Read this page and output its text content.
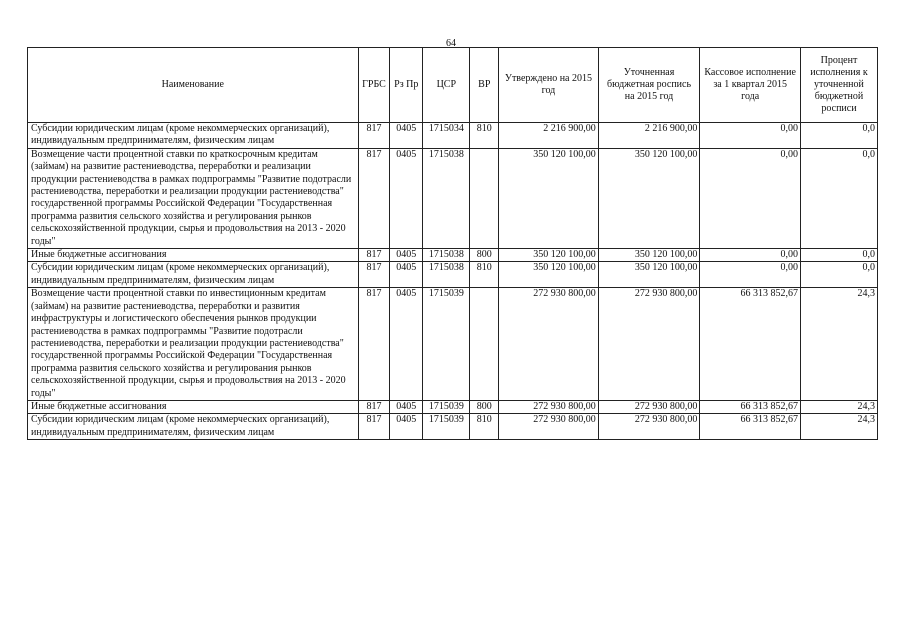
64
Наименование	ГРБС	Рз Пр	ЦСР	ВР	Утверждено на 2015 год	Уточненная бюджетная роспись на 2015 год	Кассовое исполнение за 1 квартал 2015 года	Процент исполнения к уточненной бюджетной росписи
Субсидии юридическим лицам (кроме некоммерческих организаций), индивидуальным предпринимателям, физическим лицам	817	0405	1715034	810	2 216 900,00	2 216 900,00	0,00	0,0
Возмещение части процентной ставки по краткосрочным кредитам (займам) на развитие растениеводства, переработки и реализации продукции растениеводства в рамках подпрограммы "Развитие подотрасли растениеводства, переработки и реализации продукции растениеводства" государственной программы Российской Федерации "Государственная программа развития сельского хозяйства и регулирования рынков сельскохозяйственной продукции, сырья и продовольствия на 2013 - 2020 годы"	817	0405	1715038		350 120 100,00	350 120 100,00	0,00	0,0
Иные бюджетные ассигнования	817	0405	1715038	800	350 120 100,00	350 120 100,00	0,00	0,0
Субсидии юридическим лицам (кроме некоммерческих организаций), индивидуальным предпринимателям, физическим лицам	817	0405	1715038	810	350 120 100,00	350 120 100,00	0,00	0,0
Возмещение части процентной ставки по инвестиционным кредитам (займам) на развитие растениеводства, переработки и развития инфраструктуры и логистического обеспечения рынков продукции растениеводства в рамках подпрограммы "Развитие подотрасли растениеводства, переработки и реализации продукции растениеводства" государственной программы Российской Федерации "Государственная программа развития сельского хозяйства и регулирования рынков сельскохозяйственной продукции, сырья и продовольствия на 2013 - 2020 годы"	817	0405	1715039		272 930 800,00	272 930 800,00	66 313 852,67	24,3
Иные бюджетные ассигнования	817	0405	1715039	800	272 930 800,00	272 930 800,00	66 313 852,67	24,3
Субсидии юридическим лицам (кроме некоммерческих организаций), индивидуальным предпринимателям, физическим лицам	817	0405	1715039	810	272 930 800,00	272 930 800,00	66 313 852,67	24,3
